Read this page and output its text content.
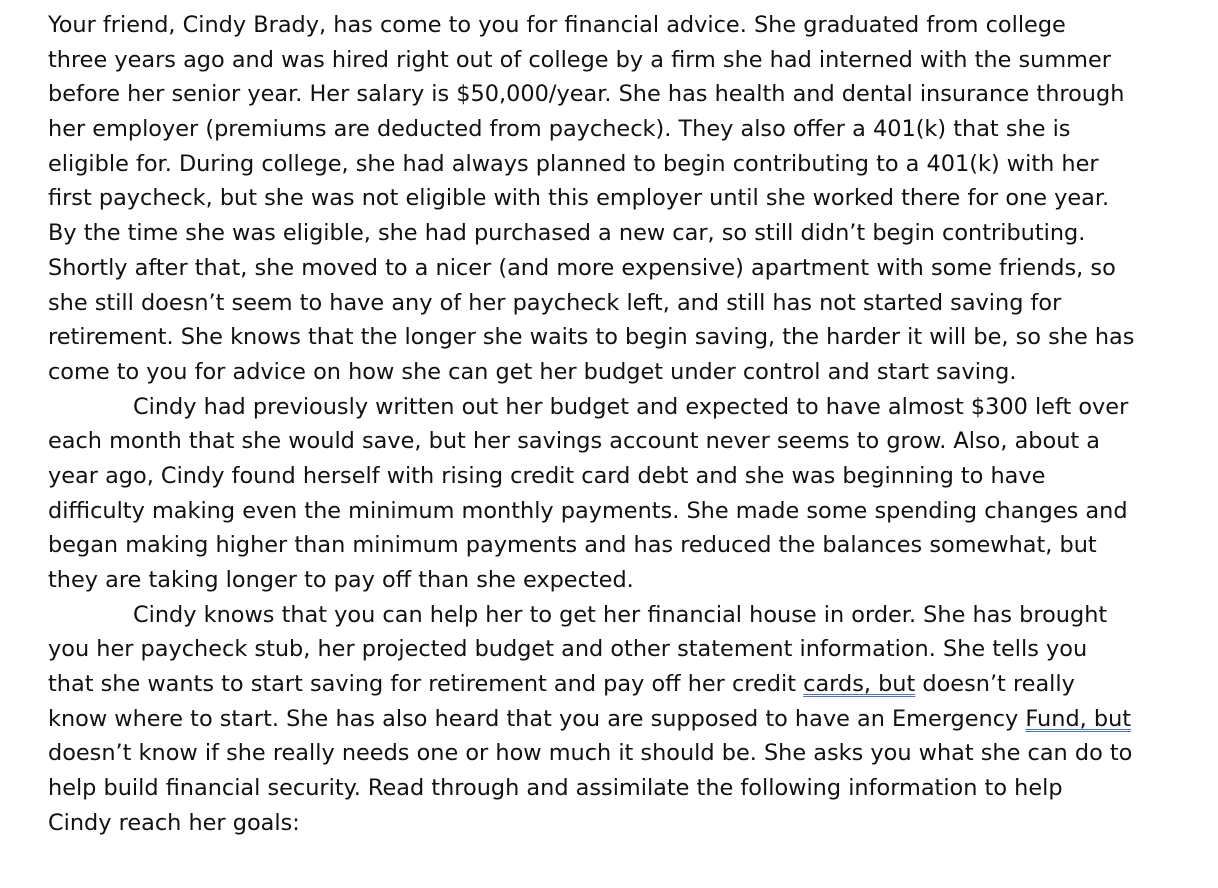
Your friend, Cindy Brady, has come to you for financial advice. She graduated from college
three years ago and was hired right out of college by a firm she had interned with the summer
before her senior year. Her salary is $50,000/year. She has health and dental insurance through
her employer (premiums are deducted from paycheck). They also offer a 401(k) that she is
eligible for. During college, she had always planned to begin contributing to a 401(k) with her
first paycheck, but she was not eligible with this employer until she worked there for one year.
By the time she was eligible, she had purchased a new car, so still didn’t begin contributing.
Shortly after that, she moved to a nicer (and more expensive) apartment with some friends, so
she still doesn’t seem to have any of her paycheck left, and still has not started saving for
retirement. She knows that the longer she waits to begin saving, the harder it will be, so she has
come to you for advice on how she can get her budget under control and start saving.
Cindy had previously written out her budget and expected to have almost $300 left over
each month that she would save, but her savings account never seems to grow. Also, about a
year ago, Cindy found herself with rising credit card debt and she was beginning to have
difficulty making even the minimum monthly payments. She made some spending changes and
began making higher than minimum payments and has reduced the balances somewhat, but
they are taking longer to pay off than she expected.
Cindy knows that you can help her to get her financial house in order. She has brought
you her paycheck stub, her projected budget and other statement information. She tells you
that she wants to start saving for retirement and pay off her credit cards, but doesn’t really
know where to start. She has also heard that you are supposed to have an Emergency Fund, but
doesn’t know if she really needs one or how much it should be. She asks you what she can do to
help build financial security. Read through and assimilate the following information to help
Cindy reach her goals:
